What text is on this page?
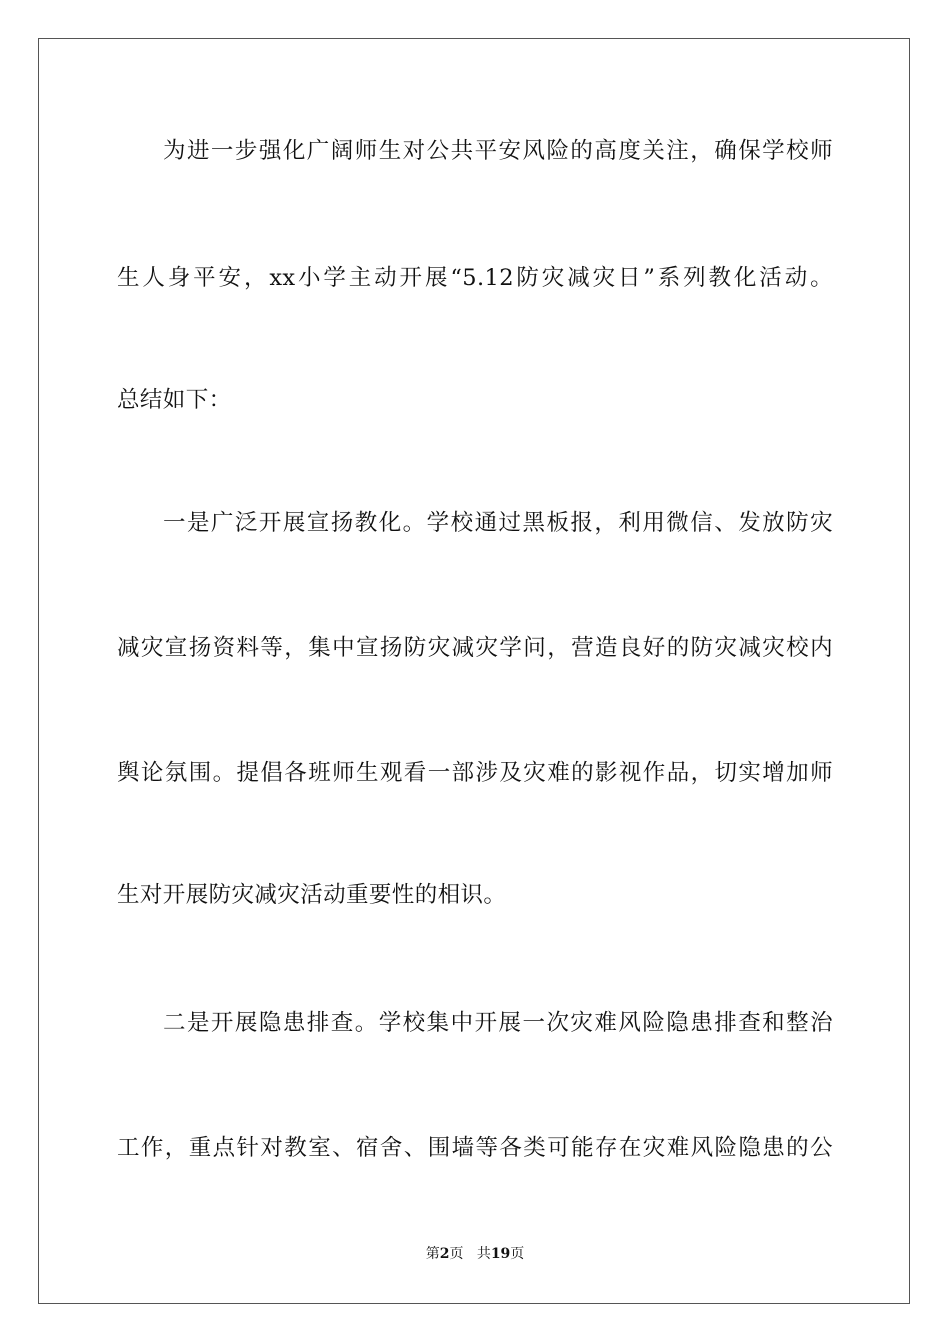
为进一步强化广阔师生对公共平安风险的高度关注，确保学校师
生人身平安，xx小学主动开展“5.12防灾减灾日”系列教化活动。
总结如下：
一是广泛开展宣扬教化。学校通过黑板报，利用微信、发放防灾
减灾宣扬资料等，集中宣扬防灾减灾学问，营造良好的防灾减灾校内
舆论氛围。提倡各班师生观看一部涉及灾难的影视作品，切实增加师
生对开展防灾减灾活动重要性的相识。
二是开展隐患排查。学校集中开展一次灾难风险隐患排查和整治
工作，重点针对教室、宿舍、围墙等各类可能存在灾难风险隐患的公
第2页 共19页
